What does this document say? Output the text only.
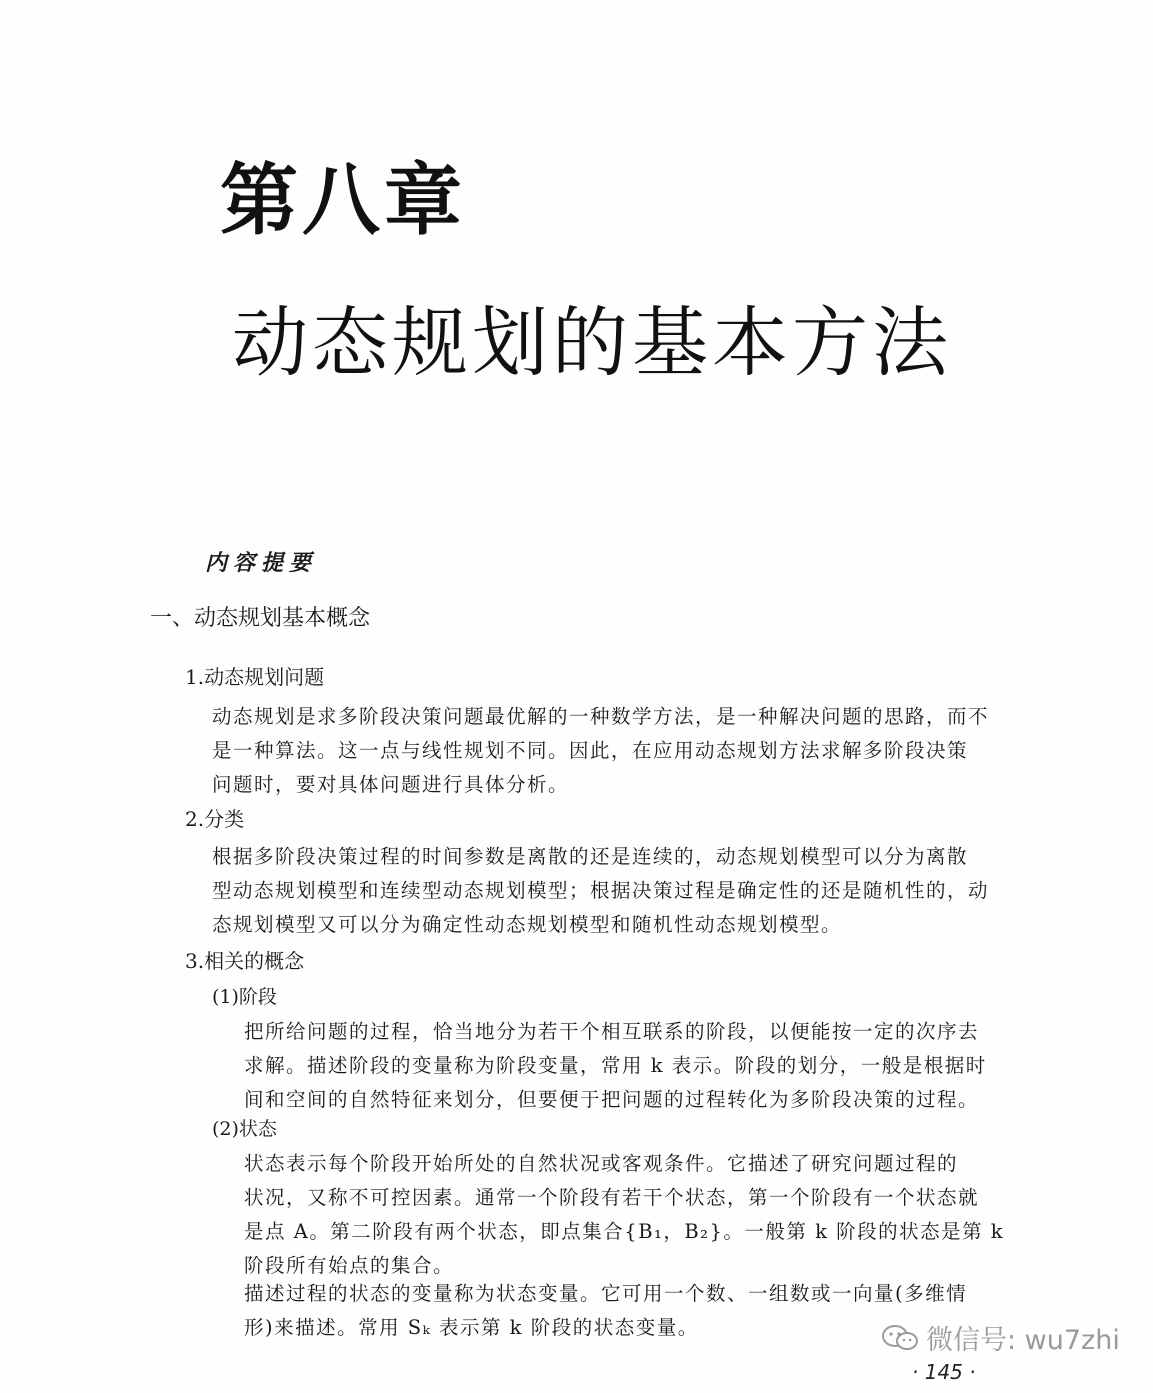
第八章
动态规划的基本方法
内容提要
一、动态规划基本概念
1.动态规划问题
动态规划是求多阶段决策问题最优解的一种数学方法，是一种解决问题的思路，而不
是一种算法。这一点与线性规划不同。因此，在应用动态规划方法求解多阶段决策
问题时，要对具体问题进行具体分析。
2.分类
根据多阶段决策过程的时间参数是离散的还是连续的，动态规划模型可以分为离散
型动态规划模型和连续型动态规划模型；根据决策过程是确定性的还是随机性的，动
态规划模型又可以分为确定性动态规划模型和随机性动态规划模型。
3.相关的概念
(1)阶段
把所给问题的过程，恰当地分为若干个相互联系的阶段，以便能按一定的次序去
求解。描述阶段的变量称为阶段变量，常用 k 表示。阶段的划分，一般是根据时
间和空间的自然特征来划分，但要便于把问题的过程转化为多阶段决策的过程。
(2)状态
状态表示每个阶段开始所处的自然状况或客观条件。它描述了研究问题过程的
状况，又称不可控因素。通常一个阶段有若干个状态，第一个阶段有一个状态就
是点 A。第二阶段有两个状态，即点集合{B₁，B₂}。一般第 k 阶段的状态是第 k
阶段所有始点的集合。
描述过程的状态的变量称为状态变量。它可用一个数、一组数或一向量(多维情
形)来描述。常用 Sₖ 表示第 k 阶段的状态变量。	微信号: wu7zhi
· 145 ·
